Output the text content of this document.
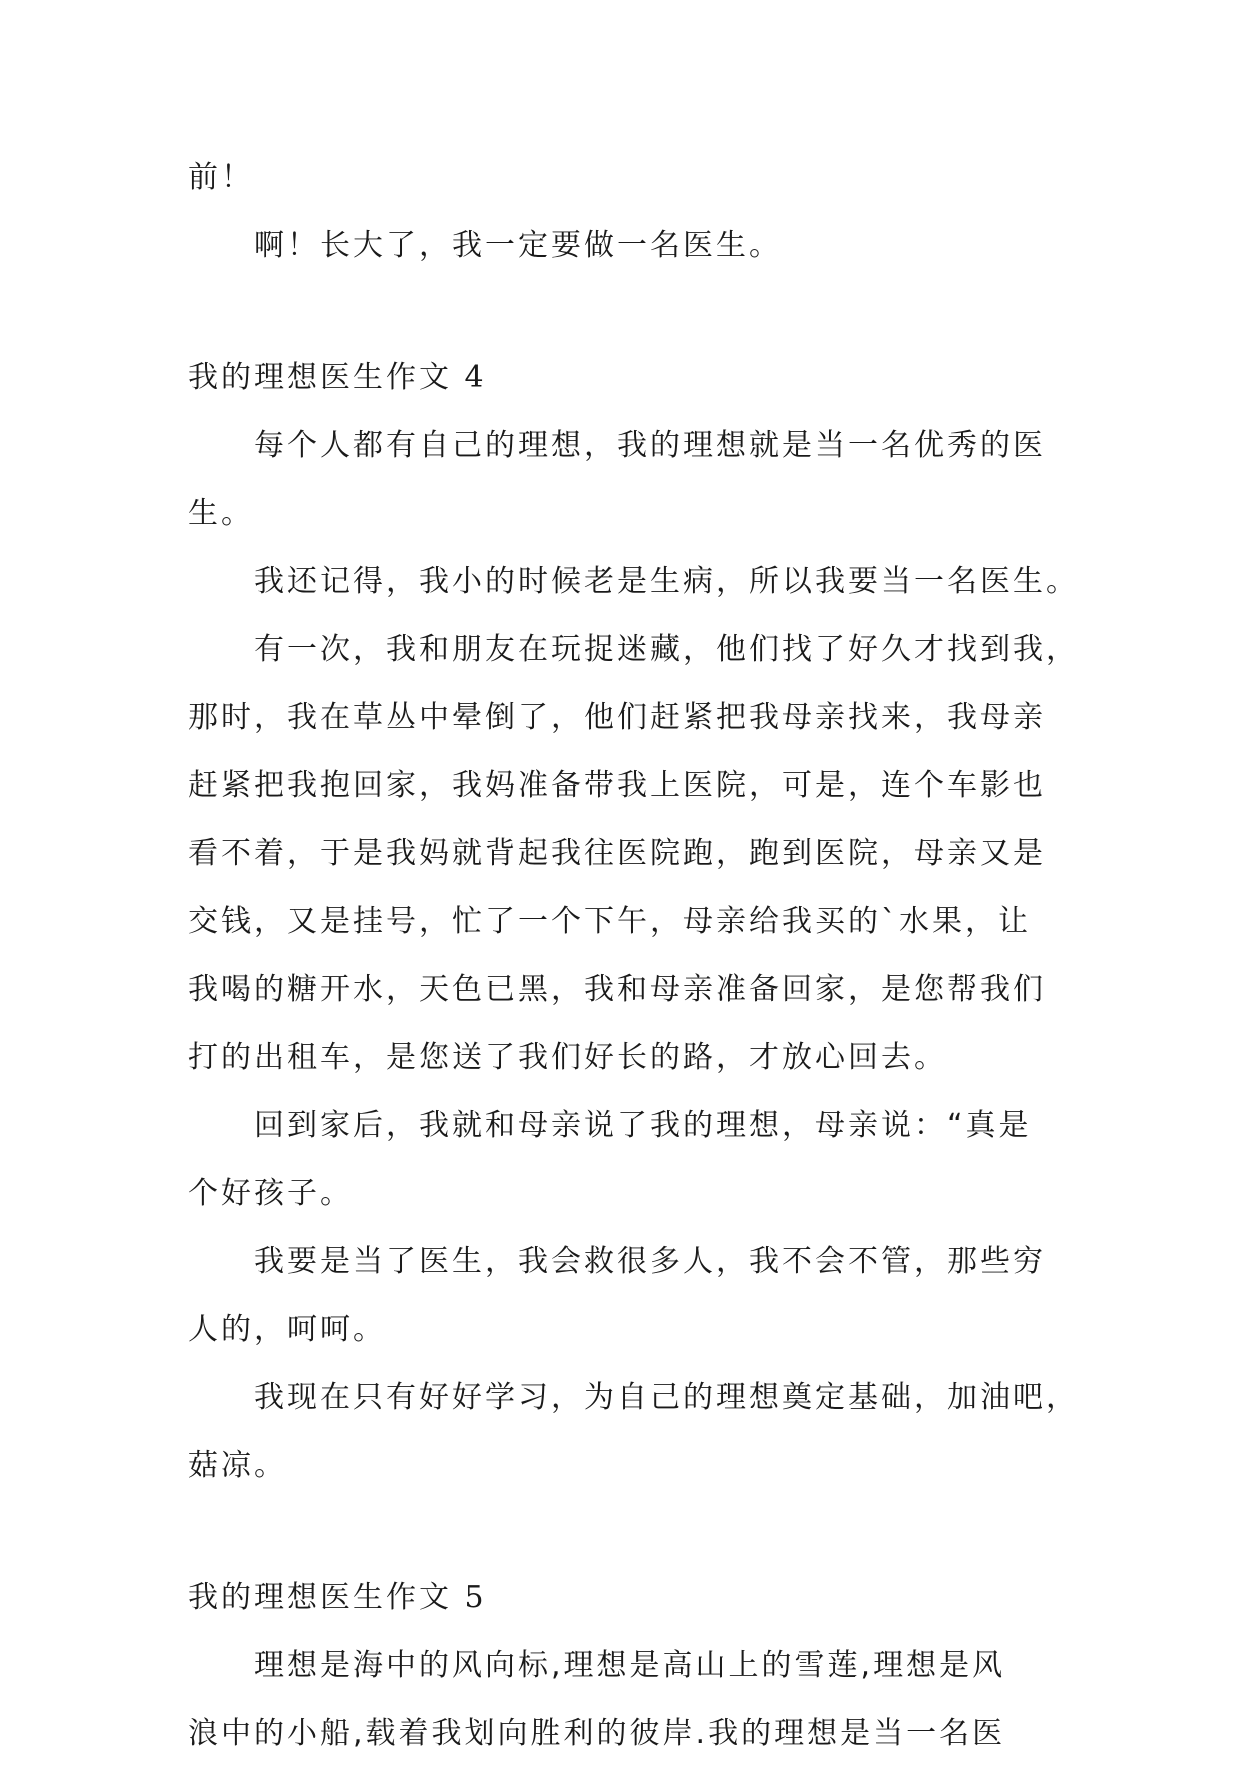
前！
啊！长大了，我一定要做一名医生。
我的理想医生作文 4
每个人都有自己的理想，我的理想就是当一名优秀的医
生。
我还记得，我小的时候老是生病，所以我要当一名医生。
有一次，我和朋友在玩捉迷藏，他们找了好久才找到我，
那时，我在草丛中晕倒了，他们赶紧把我母亲找来，我母亲
赶紧把我抱回家，我妈准备带我上医院，可是，连个车影也
看不着，于是我妈就背起我往医院跑，跑到医院，母亲又是
交钱，又是挂号，忙了一个下午，母亲给我买的`水果，让
我喝的糖开水，天色已黑，我和母亲准备回家，是您帮我们
打的出租车，是您送了我们好长的路，才放心回去。
回到家后，我就和母亲说了我的理想，母亲说：“真是
个好孩子。
我要是当了医生，我会救很多人，我不会不管，那些穷
人的，呵呵。
我现在只有好好学习，为自己的理想奠定基础，加油吧，
菇凉。
我的理想医生作文 5
理想是海中的风向标,理想是高山上的雪莲,理想是风
浪中的小船,载着我划向胜利的彼岸.我的理想是当一名医
